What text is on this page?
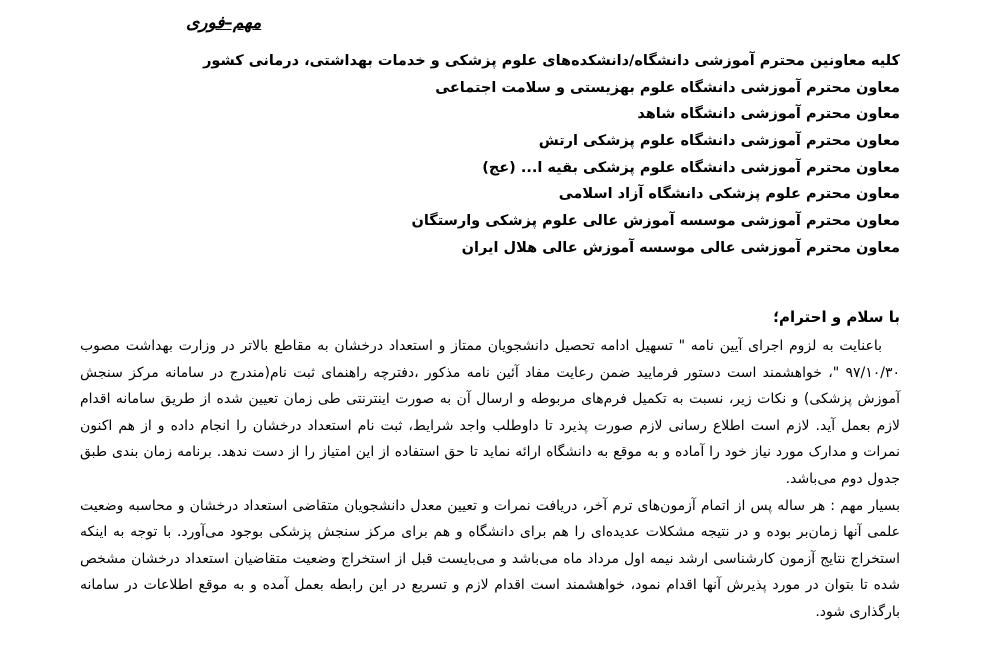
مهم–فوری
کلیه معاونین محترم آموزشی دانشگاه/دانشکده‌های علوم پزشکی و خدمات بهداشتی، درمانی کشور
معاون محترم آموزشی دانشگاه علوم بهزیستی و سلامت اجتماعی
معاون محترم آموزشی دانشگاه شاهد
معاون محترم آموزشی دانشگاه علوم پزشکی ارتش
معاون محترم آموزشی دانشگاه علوم پزشکی بقیه ا... (عج)
معاون محترم علوم پزشکی دانشگاه آزاد اسلامی
معاون محترم آموزشی موسسه آموزش عالی علوم پزشکی وارستگان
معاون محترم آموزشی عالی موسسه آموزش عالی هلال ایران
با سلام و احترام؛

باعنایت به لزوم اجرای آیین نامه " تسهیل ادامه تحصیل دانشجویان ممتاز و استعداد درخشان به مقاطع بالاتر در وزارت بهداشت مصوب ۹۷/۱۰/۳۰ "، خواهشمند است دستور فرمایید ضمن رعایت مفاد آئین نامه مذکور ،دفترچه راهنمای ثبت نام(مندرج در سامانه مرکز سنجش آموزش پزشکی) و نکات زیر، نسبت به تکمیل فرم‌های مربوطه و ارسال آن به صورت اینترنتی طی زمان تعیین شده از طریق سامانه اقدام لازم بعمل آید. لازم است اطلاع رسانی لازم صورت پذیرد تا داوطلب واجد شرایط، ثبت نام استعداد درخشان را انجام داده و از هم اکنون نمرات و مدارک مورد نیاز خود را آماده و به موقع به دانشگاه ارائه نماید تا حق استفاده از این امتیاز را از دست ندهد. برنامه زمان بندی طبق جدول دوم می‌باشد.

بسیار مهم : هر ساله پس از اتمام آزمون‌های ترم آخر، دریافت نمرات و تعیین معدل دانشجویان متقاضی استعداد درخشان و محاسبه وضعیت علمی آنها زمان‌بر بوده و در نتیجه مشکلات عدیده‌ای را هم برای دانشگاه و هم برای مرکز سنجش پزشکی بوجود می‌آورد. با توجه به اینکه استخراج نتایج آزمون کارشناسی ارشد نیمه اول مرداد ماه می‌باشد و می‌بایست قبل از استخراج وضعیت متقاضیان استعداد درخشان مشخص شده تا بتوان در مورد پذیرش آنها اقدام نمود، خواهشمند است اقدام لازم و تسریع در این رابطه بعمل آمده و به موقع اطلاعات در سامانه بارگذاری شود.
